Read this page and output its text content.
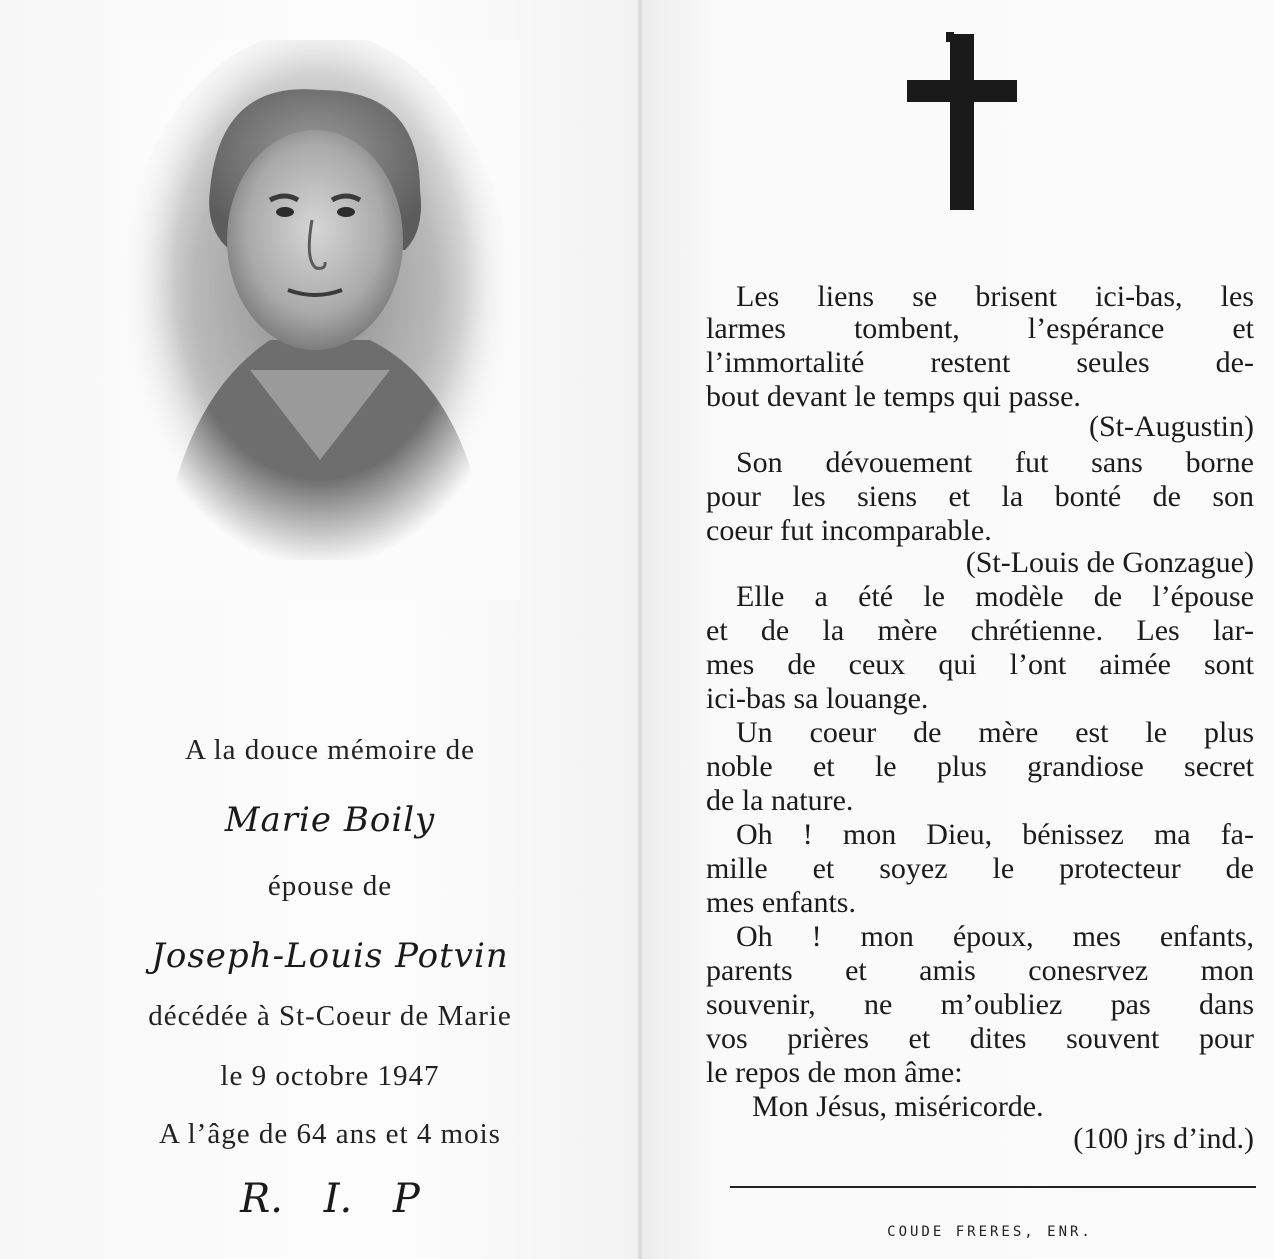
A la douce mémoire de
Marie Boily
épouse de
Joseph-Louis Potvin
décédée à St-Coeur de Marie
le 9 octobre 1947
A l’âge de 64 ans et 4 mois
R. I. P
Les liens se brisent ici-bas, les
larmes tombent, l’espérance et
l’immortalité restent seules de-
bout devant le temps qui passe.
(St-Augustin)
Son dévouement fut sans borne
pour les siens et la bonté de son
coeur fut incomparable.
(St-Louis de Gonzague)
Elle a été le modèle de l’épouse
et de la mère chrétienne. Les lar-
mes de ceux qui l’ont aimée sont
ici-bas sa louange.
Un coeur de mère est le plus
noble et le plus grandiose secret
de la nature.
Oh ! mon Dieu, bénissez ma fa-
mille et soyez le protecteur de
mes enfants.
Oh ! mon époux, mes enfants,
parents et amis conesrvez mon
souvenir, ne m’oubliez pas dans
vos prières et dites souvent pour
le repos de mon âme:
Mon Jésus, miséricorde.
(100 jrs d’ind.)
COUDE FRERES, ENR.
